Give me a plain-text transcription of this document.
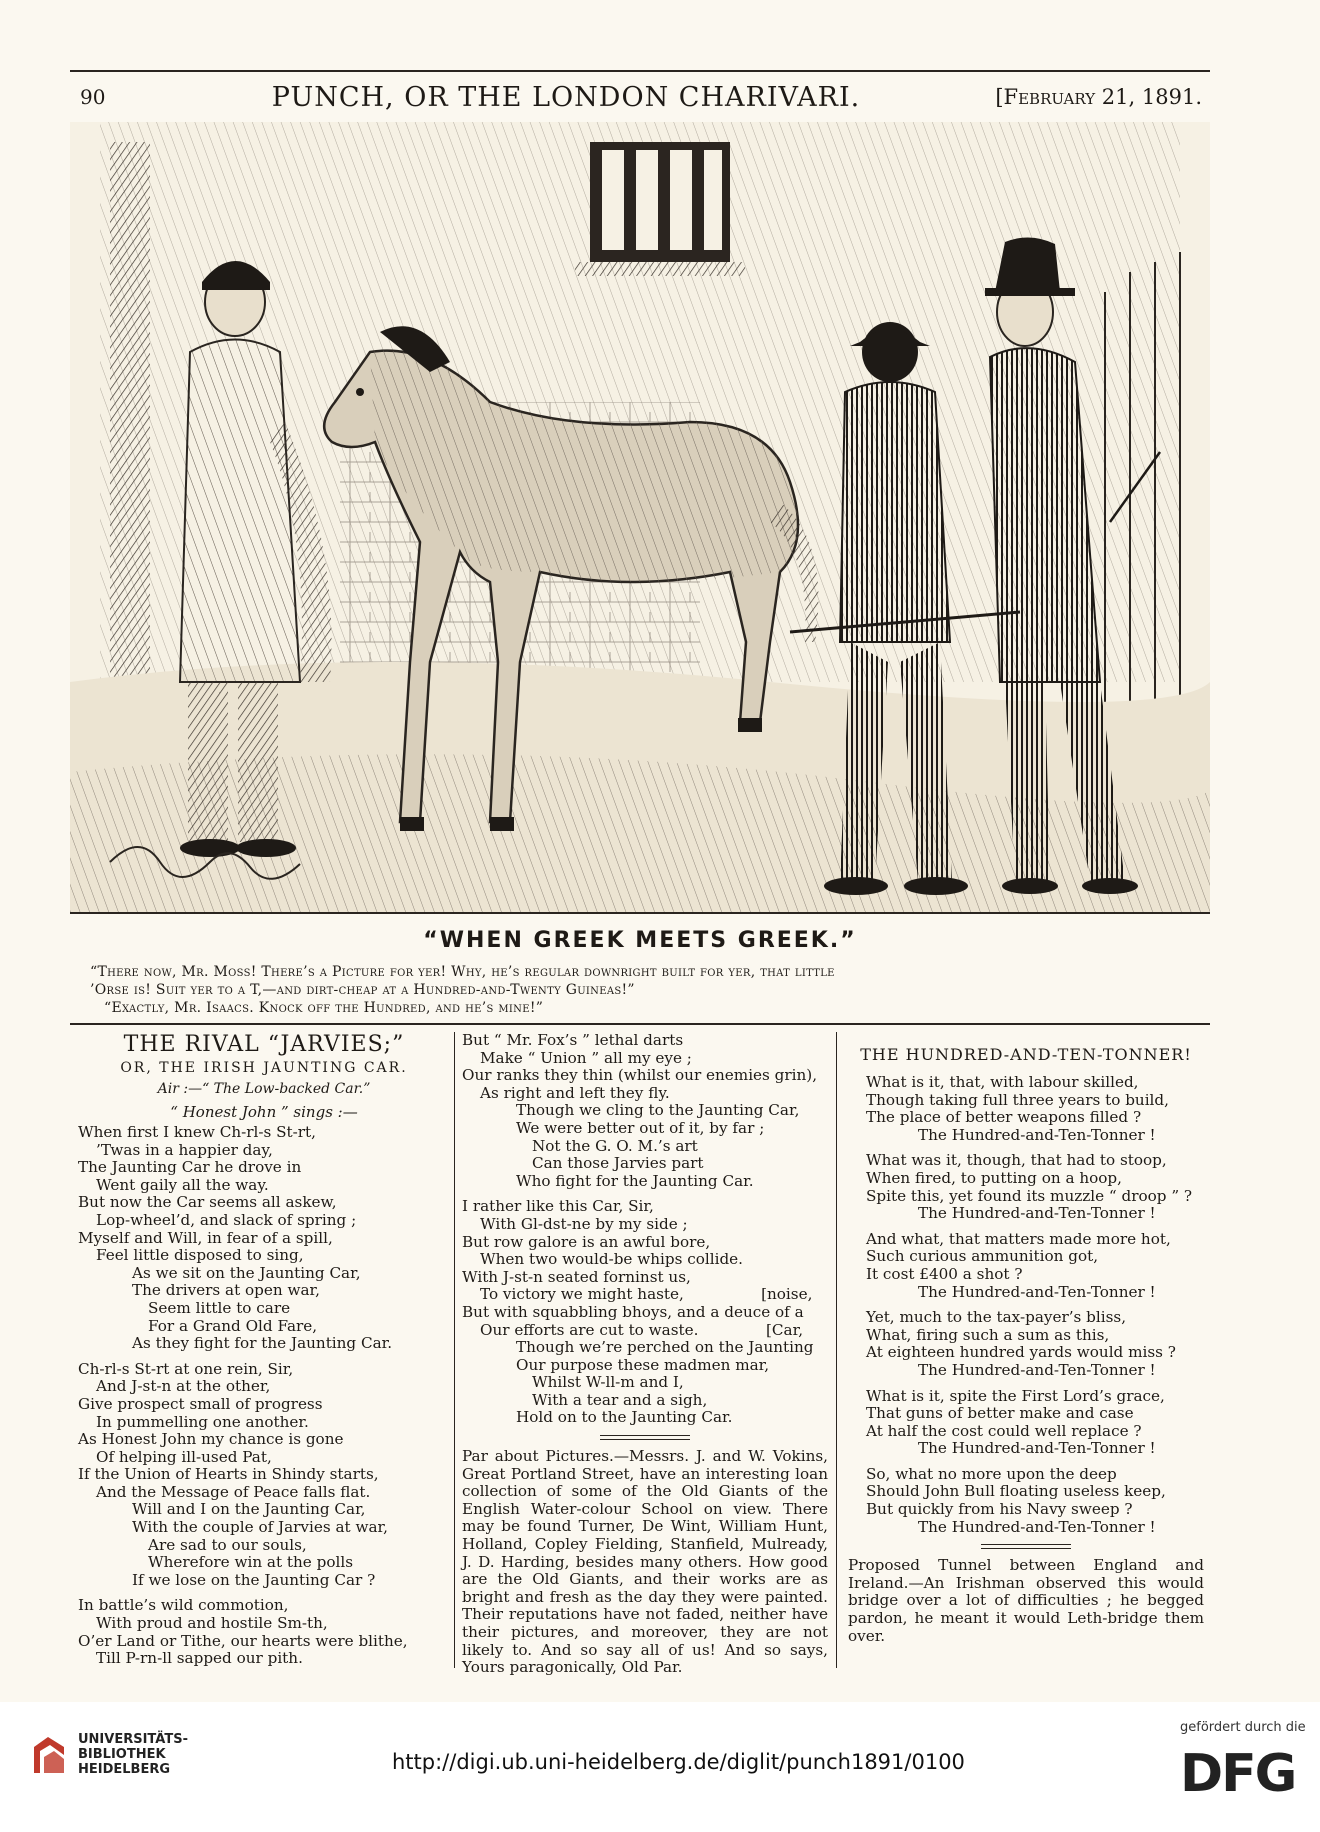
90	PUNCH, OR THE LONDON CHARIVARI.	[February 21, 1891.
“WHEN GREEK MEETS GREEK.”
“There now, Mr. Moss! There’s a Picture for yer! Why, he’s regular downright built for yer, that little
’Orse is! Suit yer to a T,—and dirt-cheap at a Hundred-and-Twenty Guineas!”
“Exactly, Mr. Isaacs. Knock off the Hundred, and he’s mine!”
THE RIVAL “JARVIES;”
OR, THE IRISH JAUNTING CAR.
Air :—“ The Low-backed Car.”
“ Honest John ” sings :—
When first I knew Ch-rl-s St-rt,
’Twas in a happier day,
The Jaunting Car he drove in
Went gaily all the way.
But now the Car seems all askew,
Lop-wheel’d, and slack of spring ;
Myself and Will, in fear of a spill,
Feel little disposed to sing,
As we sit on the Jaunting Car,
The drivers at open war,
Seem little to care
For a Grand Old Fare,
As they fight for the Jaunting Car.
Ch-rl-s St-rt at one rein, Sir,
And J-st-n at the other,
Give prospect small of progress
In pummelling one another.
As Honest John my chance is gone
Of helping ill-used Pat,
If the Union of Hearts in Shindy starts,
And the Message of Peace falls flat.
Will and I on the Jaunting Car,
With the couple of Jarvies at war,
Are sad to our souls,
Wherefore win at the polls
If we lose on the Jaunting Car ?
In battle’s wild commotion,
With proud and hostile Sm-th,
O’er Land or Tithe, our hearts were blithe,
Till P-rn-ll sapped our pith.
But “ Mr. Fox’s ” lethal darts
Make “ Union ” all my eye ;
Our ranks they thin (whilst our enemies grin),
As right and left they fly.
Though we cling to the Jaunting Car,
We were better out of it, by far ;
Not the G. O. M.’s art
Can those Jarvies part
Who fight for the Jaunting Car.
I rather like this Car, Sir,
With Gl-dst-ne by my side ;
But row galore is an awful bore,
When two would-be whips collide.
With J-st-n seated forninst us,
To victory we might haste,                [noise,
But with squabbling bhoys, and a deuce of a
Our efforts are cut to waste.              [Car,
Though we’re perched on the Jaunting
Our purpose these madmen mar,
Whilst W-ll-m and I,
With a tear and a sigh,
Hold on to the Jaunting Car.
Par about Pictures.—Messrs. J. and W. Vokins, Great Portland Street, have an interesting loan collection of some of the Old Giants of the English Water-colour School on view. There may be found Turner, De Wint, William Hunt, Holland, Copley Fielding, Stanfield, Mulready, J. D. Harding, besides many others. How good are the Old Giants, and their works are as bright and fresh as the day they were painted. Their reputations have not faded, neither have their pictures, and moreover, they are not likely to. And so say all of us! And so says, Yours paragonically, Old Par.
THE HUNDRED-AND-TEN-TONNER!
What is it, that, with labour skilled,
Though taking full three years to build,
The place of better weapons filled ?
The Hundred-and-Ten-Tonner !
What was it, though, that had to stoop,
When fired, to putting on a hoop,
Spite this, yet found its muzzle “ droop ” ?
The Hundred-and-Ten-Tonner !
And what, that matters made more hot,
Such curious ammunition got,
It cost £400 a shot ?
The Hundred-and-Ten-Tonner !
Yet, much to the tax-payer’s bliss,
What, firing such a sum as this,
At eighteen hundred yards would miss ?
The Hundred-and-Ten-Tonner !
What is it, spite the First Lord’s grace,
That guns of better make and case
At half the cost could well replace ?
The Hundred-and-Ten-Tonner !
So, what no more upon the deep
Should John Bull floating useless keep,
But quickly from his Navy sweep ?
The Hundred-and-Ten-Tonner !
Proposed Tunnel between England and Ireland.—An Irishman observed this would bridge over a lot of difficulties ; he begged pardon, he meant it would Leth-bridge them over.
UNIVERSITÄTS-
BIBLIOTHEK
HEIDELBERG	http://digi.ub.uni-heidelberg.de/diglit/punch1891/0100
gefördert durch die
DFG
